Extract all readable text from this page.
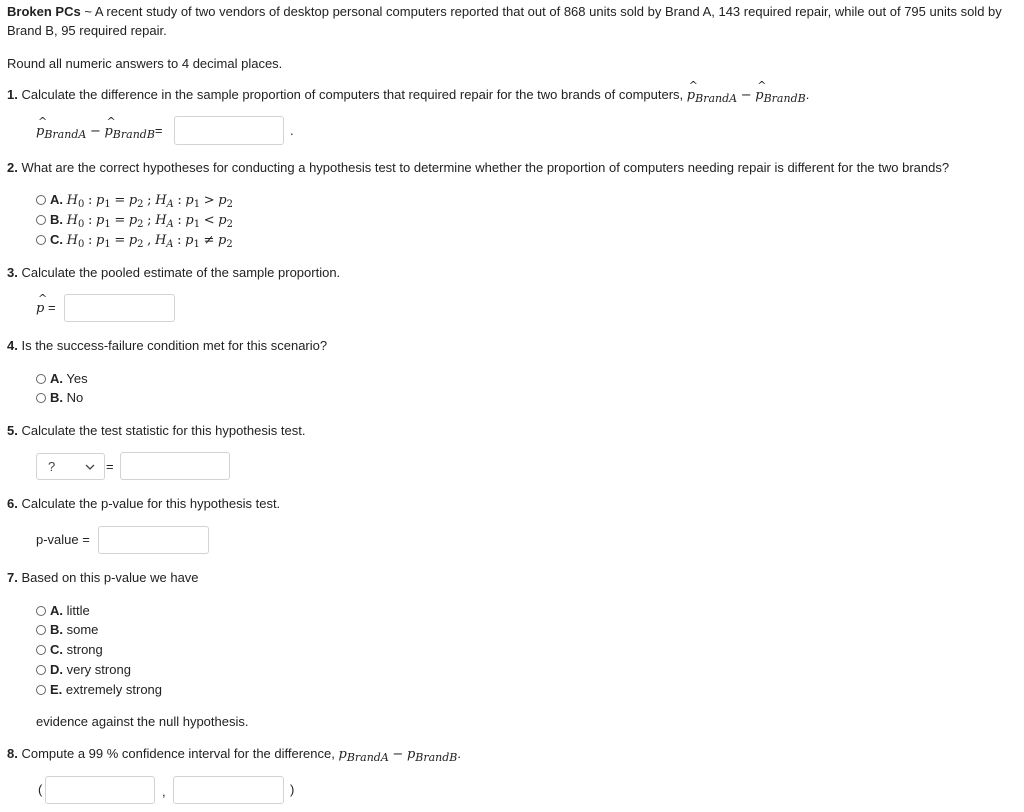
Broken PCs ~ A recent study of two vendors of desktop personal computers reported that out of 868 units sold by Brand A, 143 required repair, while out of 795 units sold by
Brand B, 95 required repair.
Round all numeric answers to 4 decimal places.
1. Calculate the difference in the sample proportion of computers that required repair for the two brands of computers, ^ $p_{BrandA}$ − ^ $p_{BrandB}$.
^ $p_{BrandA}$ − ^ $p_{BrandB}=$	.
2. What are the correct hypotheses for conducting a hypothesis test to determine whether the proportion of computers needing repair is different for the two brands?
A. $H_0$ : $p_1 = p_2$ ; $H_A$ : $p_1 > p_2$
B. $H_0$ : $p_1 = p_2$ ; $H_A$ : $p_1 < p_2$
C. $H_0$ : $p_1 = p_2$ , $H_A$ : $p_1 \ne p_2$
3. Calculate the pooled estimate of the sample proportion.
^ p =
4. Is the success-failure condition met for this scenario?
A. Yes
B. No
5. Calculate the test statistic for this hypothesis test.
?	=
6. Calculate the p-value for this hypothesis test.
p-value =
7. Based on this p-value we have
A. little
B. some
C. strong
D. very strong
E. extremely strong
evidence against the null hypothesis.
8. Compute a 99 % confidence interval for the difference, $p_{BrandA} - p_{BrandB}$.
(	,	)
